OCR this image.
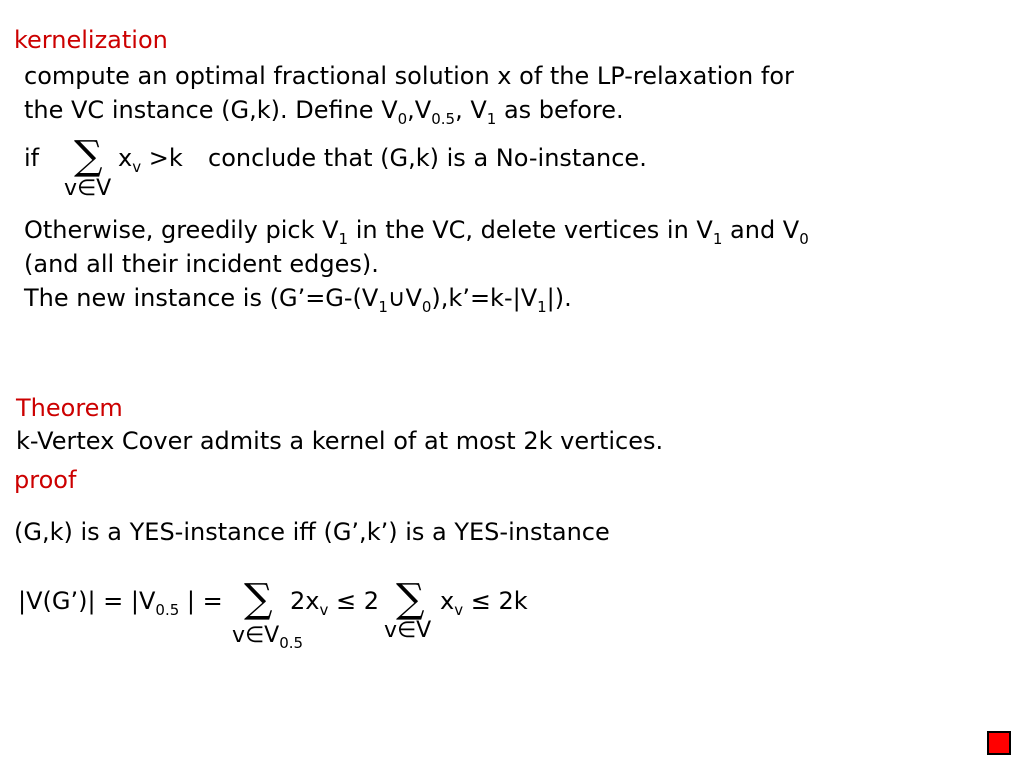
kernelization
compute an optimal fractional solution x of the LP-relaxation for
the VC instance (G,k). Define $V_0,V_{0.5}$, $V_1$ as before.
if ∑ $x_v >k$ conclude that (G,k) is a No-instance.
v∈V
Otherwise, greedily pick $V_1$ in the VC, delete vertices in $V_1$ and $V_0$
(and all their incident edges).
The new instance is $(G’=G-(V_1\cup V_0),k’=k-|V_1|)$.
Theorem
k-Vertex Cover admits a kernel of at most 2k vertices.
proof
(G,k) is a YES-instance iff (G’,k’) is a YES-instance
|V(G’)| = $|V_{0.5}$ | = ∑ $2x_v \le 2$ ∑ $x_v \le 2k$
$v\in V_{0.5}$	v∈V
